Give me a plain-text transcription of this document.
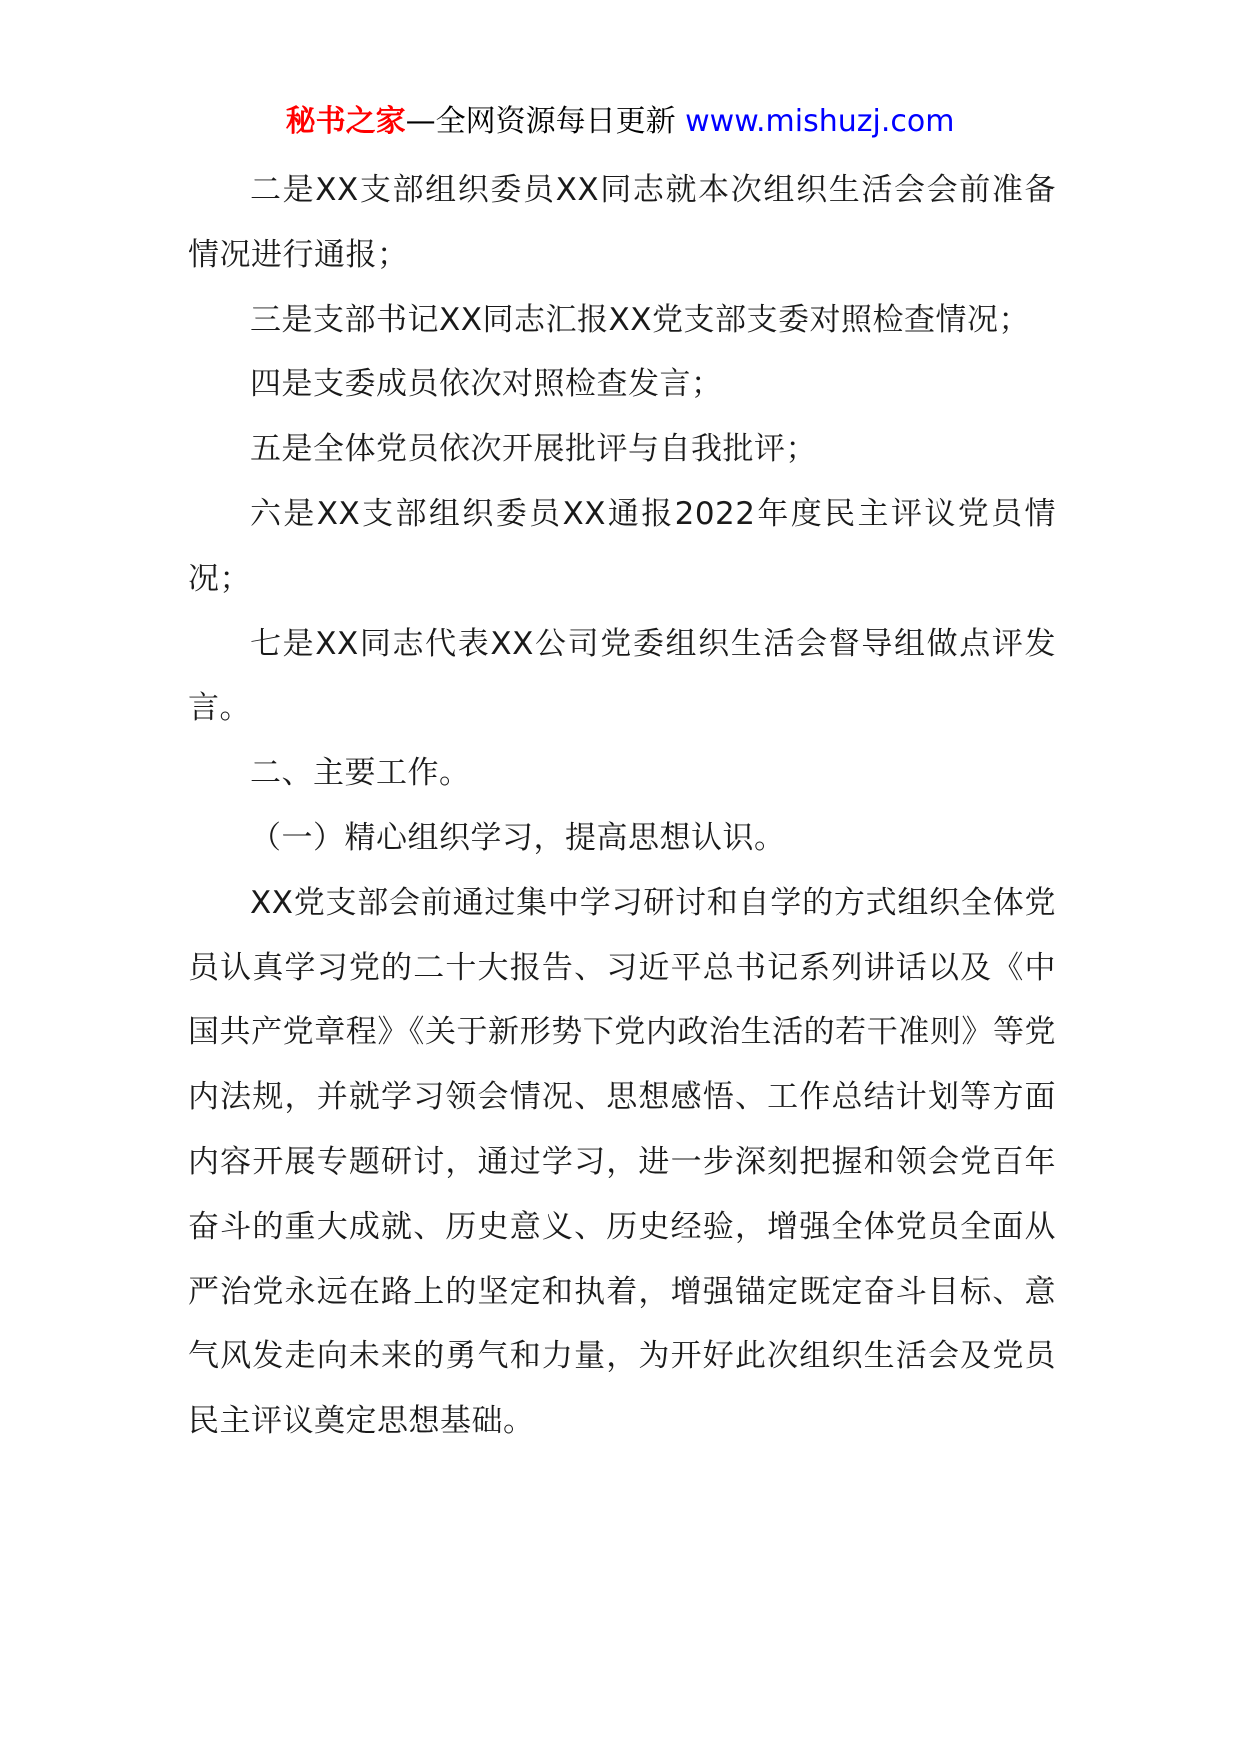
秘书之家—全网资源每日更新 www.mishuzj.com

二是XX支部组织委员XX同志就本次组织生活会会前准备情况进行通报；

三是支部书记XX同志汇报XX党支部支委对照检查情况；

四是支委成员依次对照检查发言；

五是全体党员依次开展批评与自我批评；

六是XX支部组织委员XX通报2022年度民主评议党员情况；

七是XX同志代表XX公司党委组织生活会督导组做点评发言。

二、主要工作。

（一）精心组织学习，提高思想认识。

XX党支部会前通过集中学习研讨和自学的方式组织全体党员认真学习党的二十大报告、习近平总书记系列讲话以及《中国共产党章程》《关于新形势下党内政治生活的若干准则》等党内法规，并就学习领会情况、思想感悟、工作总结计划等方面内容开展专题研讨，通过学习，进一步深刻把握和领会党百年奋斗的重大成就、历史意义、历史经验，增强全体党员全面从严治党永远在路上的坚定和执着，增强锚定既定奋斗目标、意气风发走向未来的勇气和力量，为开好此次组织生活会及党员民主评议奠定思想基础。
